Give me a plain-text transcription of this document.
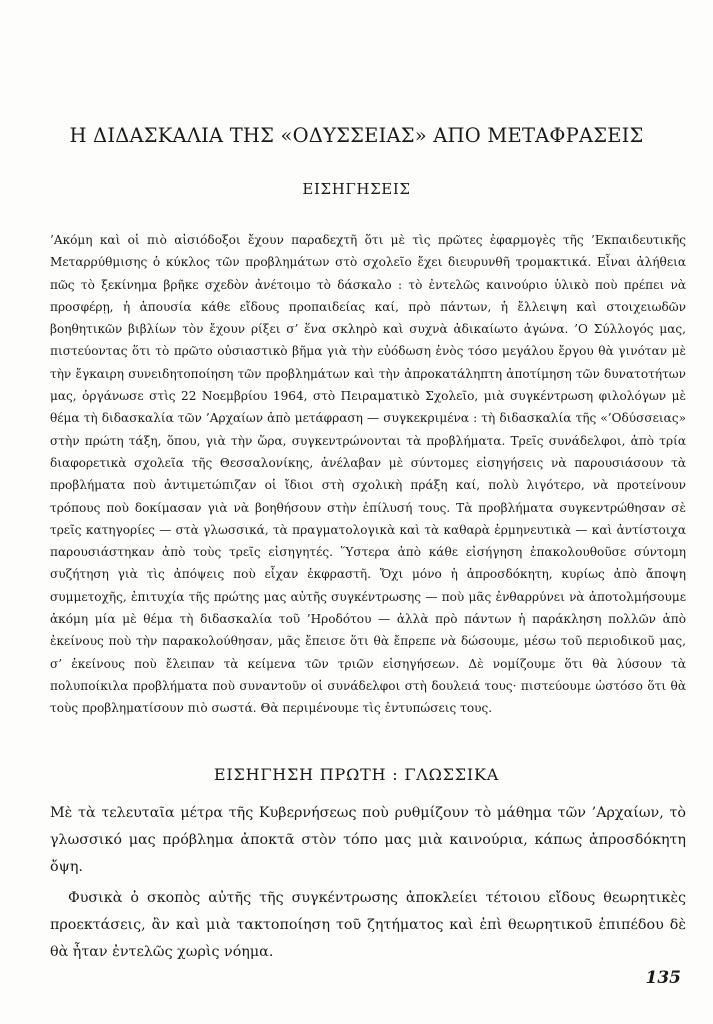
Η ΔΙΔΑΣΚΑΛΙΑ ΤΗΣ «ΟΔΥΣΣΕΙΑΣ» ΑΠΟ ΜΕΤΑΦΡΑΣΕΙΣ
ΕΙΣΗΓΗΣΕΙΣ

’Ακόμη καὶ οἱ πιὸ αἰσιόδοξοι ἔχουν παραδεχτῆ ὅτι μὲ τὶς πρῶτες ἐφαρμογὲς τῆς ’Εκπαιδευτικῆς Μεταρρύθμισης ὁ κύκλος τῶν προβλημάτων στὸ σχολεῖο ἔχει διευρυνθῆ τρομακτικά. Εἶναι ἀλήθεια πῶς τὸ ξεκίνημα βρῆκε σχεδὸν ἀνέτοιμο τὸ δάσκαλο : τὸ ἐντελῶς καινούριο ὑλικὸ ποὺ πρέπει νὰ προσφέρῃ, ἡ ἀπουσία κάθε εἴδους προπαιδείας καί, πρὸ πάντων, ἡ ἔλλειψη καὶ στοιχειωδῶν βοηθητικῶν βιβλίων τὸν ἔχουν ρίξει σ’ ἕνα σκληρὸ καὶ συχνὰ ἀδικαίωτο ἀγώνα. ’Ο Σύλλογός μας, πιστεύοντας ὅτι τὸ πρῶτο οὐσιαστικὸ βῆμα γιὰ τὴν εὐόδωση ἑνὸς τόσο μεγάλου ἔργου θὰ γινόταν μὲ τὴν ἔγκαιρη συνειδητοποίηση τῶν προβλημάτων καὶ τὴν ἀπροκατάληπτη ἀποτίμηση τῶν δυνατοτήτων μας, ὀργάνωσε στὶς 22 Νοεμβρίου 1964, στὸ Πειραματικὸ Σχολεῖο, μιὰ συγκέντρωση φιλολόγων μὲ θέμα τὴ διδασκαλία τῶν ’Αρχαίων ἀπὸ μετάφραση — συγκεκριμένα : τὴ διδασκαλία τῆς «’Οδύσσειας» στὴν πρώτη τάξη, ὅπου, γιὰ τὴν ὥρα, συγκεντρώνονται τὰ προβλήματα. Τρεῖς συνάδελφοι, ἀπὸ τρία διαφορετικὰ σχολεῖα τῆς Θεσσαλονίκης, ἀνέλαβαν μὲ σύντομες εἰσηγήσεις νὰ παρουσιάσουν τὰ προβλήματα ποὺ ἀντιμετώπιζαν οἱ ἴδιοι στὴ σχολικὴ πράξη καί, πολὺ λιγότερο, νὰ προτείνουν τρόπους ποὺ δοκίμασαν γιὰ νὰ βοηθήσουν στὴν ἐπίλυσή τους. Τὰ προβλήματα συγκεντρώθησαν σὲ τρεῖς κατηγορίες — στὰ γλωσσικά, τὰ πραγματολογικὰ καὶ τὰ καθαρὰ ἑρμηνευτικὰ — καὶ ἀντίστοιχα παρουσιάστηκαν ἀπὸ τοὺς τρεῖς εἰσηγητές. Ὕστερα ἀπὸ κάθε εἰσήγηση ἐπακολουθοῦσε σύντομη συζήτηση γιὰ τὶς ἀπόψεις ποὺ εἶχαν ἐκφραστῆ. Ὄχι μόνο ἡ ἀπροσδόκητη, κυρίως ἀπὸ ἄποψη συμμετοχῆς, ἐπιτυχία τῆς πρώτης μας αὐτῆς συγκέντρωσης — ποὺ μᾶς ἐνθαρρύνει νὰ ἀποτολμήσουμε ἀκόμη μία μὲ θέμα τὴ διδασκαλία τοῦ ’Ηροδότου — ἀλλὰ πρὸ πάντων ἡ παράκληση πολλῶν ἀπὸ ἐκείνους ποὺ τὴν παρακολούθησαν, μᾶς ἔπεισε ὅτι θὰ ἔπρεπε νὰ δώσουμε, μέσω τοῦ περιοδικοῦ μας, σ’ ἐκείνους ποὺ ἔλειπαν τὰ κείμενα τῶν τριῶν εἰσηγήσεων. Δὲ νομίζουμε ὅτι θὰ λύσουν τὰ πολυποίκιλα προβλήματα ποὺ συναντοῦν οἱ συνάδελφοι στὴ δουλειά τους· πιστεύουμε ὡστόσο ὅτι θὰ τοὺς προβληματίσουν πιὸ σωστά. Θὰ περιμένουμε τὶς ἐντυπώσεις τους.

ΕΙΣΗΓΗΣΗ ΠΡΩΤΗ : ΓΛΩΣΣΙΚΑ

Μὲ τὰ τελευταῖα μέτρα τῆς Κυβερνήσεως ποὺ ρυθμίζουν τὸ μάθημα τῶν ’Αρχαίων, τὸ γλωσσικό μας πρόβλημα ἀποκτᾶ στὸν τόπο μας μιὰ καινούρια, κάπως ἀπροσδόκητη ὄψη.

Φυσικὰ ὁ σκοπὸς αὐτῆς τῆς συγκέντρωσης ἀποκλείει τέτοιου εἴδους θεωρητικὲς προεκτάσεις, ἂν καὶ μιὰ τακτοποίηση τοῦ ζητήματος καὶ ἐπὶ θεωρητικοῦ ἐπιπέδου δὲ θὰ ἦταν ἐντελῶς χωρὶς νόημα.

135
